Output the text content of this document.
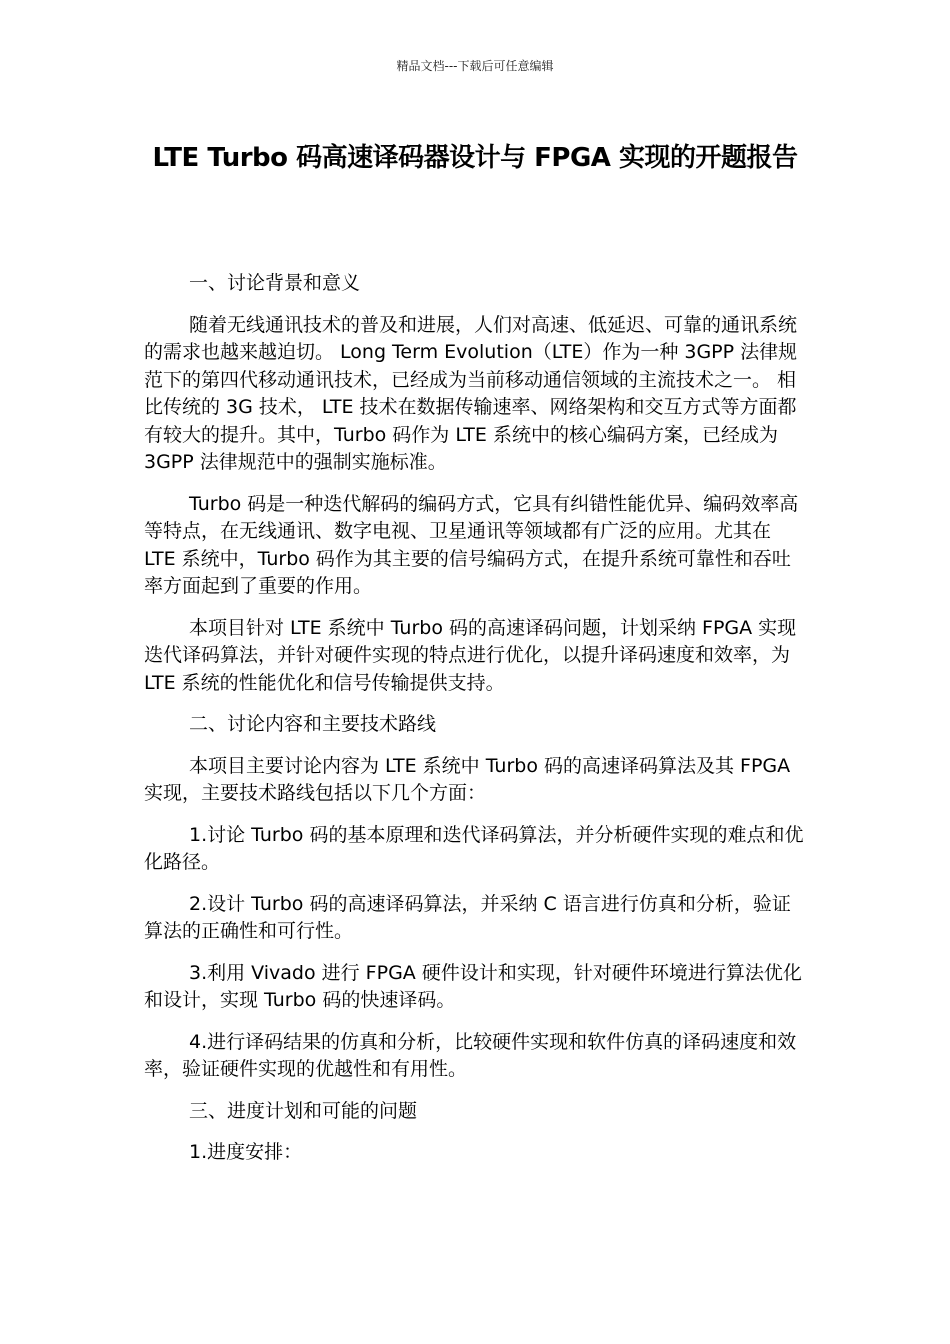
精品文档---下载后可任意编辑
LTE Turbo 码高速译码器设计与 FPGA 实现的开题报告

一、讨论背景和意义

随着无线通讯技术的普及和进展，人们对高速、低延迟、可靠的通讯系统的需求也越来越迫切。 Long Term Evolution（LTE）作为一种 3GPP 法律规范下的第四代移动通讯技术，已经成为当前移动通信领域的主流技术之一。 相比传统的 3G 技术， LTE 技术在数据传输速率、网络架构和交互方式等方面都有较大的提升。其中，Turbo 码作为 LTE 系统中的核心编码方案，已经成为 3GPP 法律规范中的强制实施标准。

Turbo 码是一种迭代解码的编码方式，它具有纠错性能优异、编码效率高等特点，在无线通讯、数字电视、卫星通讯等领域都有广泛的应用。尤其在 LTE 系统中，Turbo 码作为其主要的信号编码方式，在提升系统可靠性和吞吐率方面起到了重要的作用。

本项目针对 LTE 系统中 Turbo 码的高速译码问题，计划采纳 FPGA 实现迭代译码算法，并针对硬件实现的特点进行优化，以提升译码速度和效率，为 LTE 系统的性能优化和信号传输提供支持。

二、讨论内容和主要技术路线

本项目主要讨论内容为 LTE 系统中 Turbo 码的高速译码算法及其 FPGA 实现，主要技术路线包括以下几个方面：

1.讨论 Turbo 码的基本原理和迭代译码算法，并分析硬件实现的难点和优化路径。

2.设计 Turbo 码的高速译码算法，并采纳 C 语言进行仿真和分析，验证算法的正确性和可行性。

3.利用 Vivado 进行 FPGA 硬件设计和实现，针对硬件环境进行算法优化和设计，实现 Turbo 码的快速译码。

4.进行译码结果的仿真和分析，比较硬件实现和软件仿真的译码速度和效率，验证硬件实现的优越性和有用性。

三、进度计划和可能的问题

1.进度安排：
